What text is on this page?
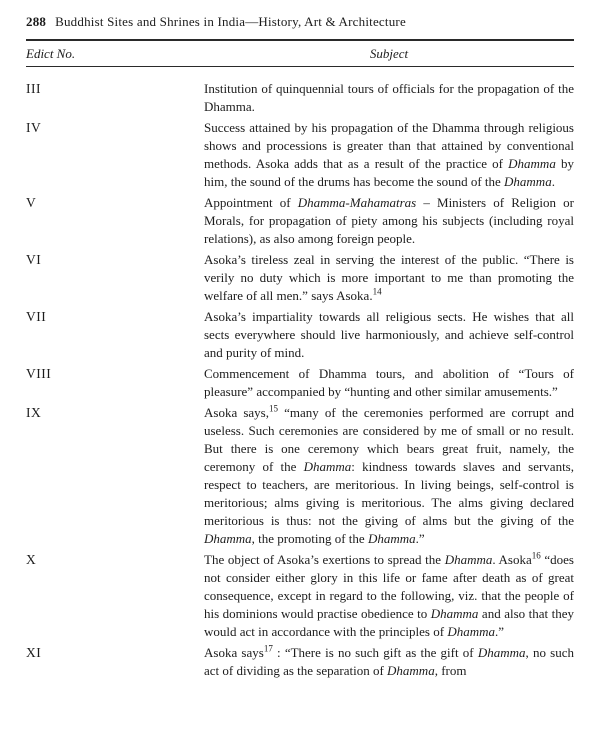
288 Buddhist Sites and Shrines in India—History, Art & Architecture
Edict No.	Subject
III	Institution of quinquennial tours of officials for the propagation of the Dhamma.
IV	Success attained by his propagation of the Dhamma through religious shows and processions is greater than that attained by conventional methods. Asoka adds that as a result of the practice of Dhamma by him, the sound of the drums has become the sound of the Dhamma.
V	Appointment of Dhamma-Mahamatras – Ministers of Religion or Morals, for propagation of piety among his subjects (including royal relations), as also among foreign people.
VI	Asoka’s tireless zeal in serving the interest of the public. “There is verily no duty which is more important to me than promoting the welfare of all men.” says Asoka.$^{14}$
VII	Asoka’s impartiality towards all religious sects. He wishes that all sects everywhere should live harmoniously, and achieve self-control and purity of mind.
VIII	Commencement of Dhamma tours, and abolition of “Tours of pleasure” accompanied by “hunting and other similar amusements.”
IX	Asoka says,$^{15}$ “many of the ceremonies performed are corrupt and useless. Such ceremonies are considered by me of small or no result. But there is one ceremony which bears great fruit, namely, the ceremony of the Dhamma: kindness towards slaves and servants, respect to teachers, are meritorious. In living beings, self-control is meritorious; alms giving is meritorious. The alms giving declared meritorious is thus: not the giving of alms but the giving of the Dhamma, the promoting of the Dhamma.”
X	The object of Asoka’s exertions to spread the Dhamma. Asoka$^{16}$ “does not consider either glory in this life or fame after death as of great consequence, except in regard to the following, viz. that the people of his dominions would practise obedience to Dhamma and also that they would act in accordance with the principles of Dhamma.”
XI	Asoka says$^{17}$ : “There is no such gift as the gift of Dhamma, no such act of dividing as the separation of Dhamma, from
